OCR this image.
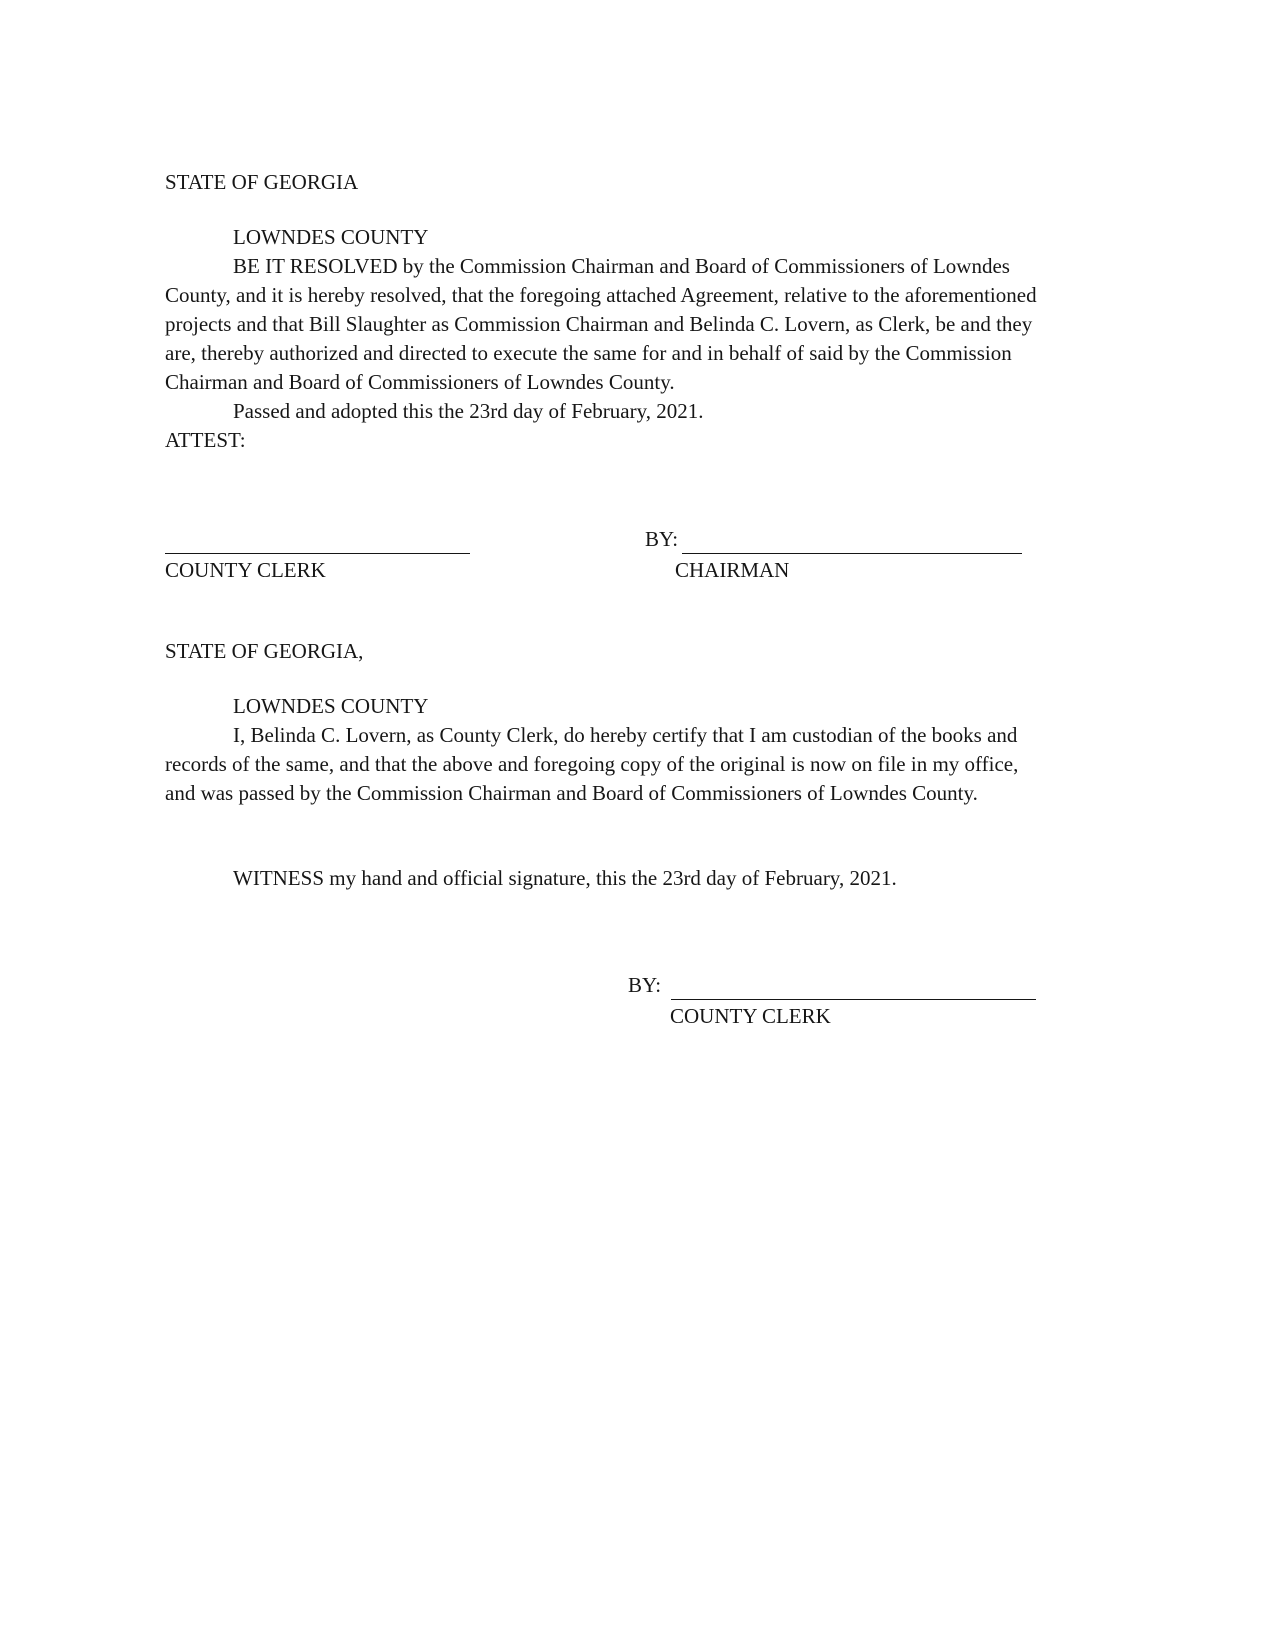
STATE OF GEORGIA

LOWNDES COUNTY

BE IT RESOLVED by the Commission Chairman and Board of Commissioners of Lowndes County, and it is hereby resolved, that the foregoing attached Agreement, relative to the aforementioned projects and that Bill Slaughter as Commission Chairman and Belinda C. Lovern, as Clerk, be and they are, thereby authorized and directed to execute the same for and in behalf of said by the Commission Chairman and Board of Commissioners of Lowndes County.

Passed and adopted this the 23rd day of February, 2021.

ATTEST:

COUNTY CLERK
BY:
CHAIRMAN

STATE OF GEORGIA,

LOWNDES COUNTY

I, Belinda C. Lovern, as County Clerk, do hereby certify that I am custodian of the books and records of the same, and that the above and foregoing copy of the original is now on file in my office, and was passed by the Commission Chairman and Board of Commissioners of Lowndes County.

WITNESS my hand and official signature, this the 23rd day of February, 2021.

BY:
COUNTY CLERK
